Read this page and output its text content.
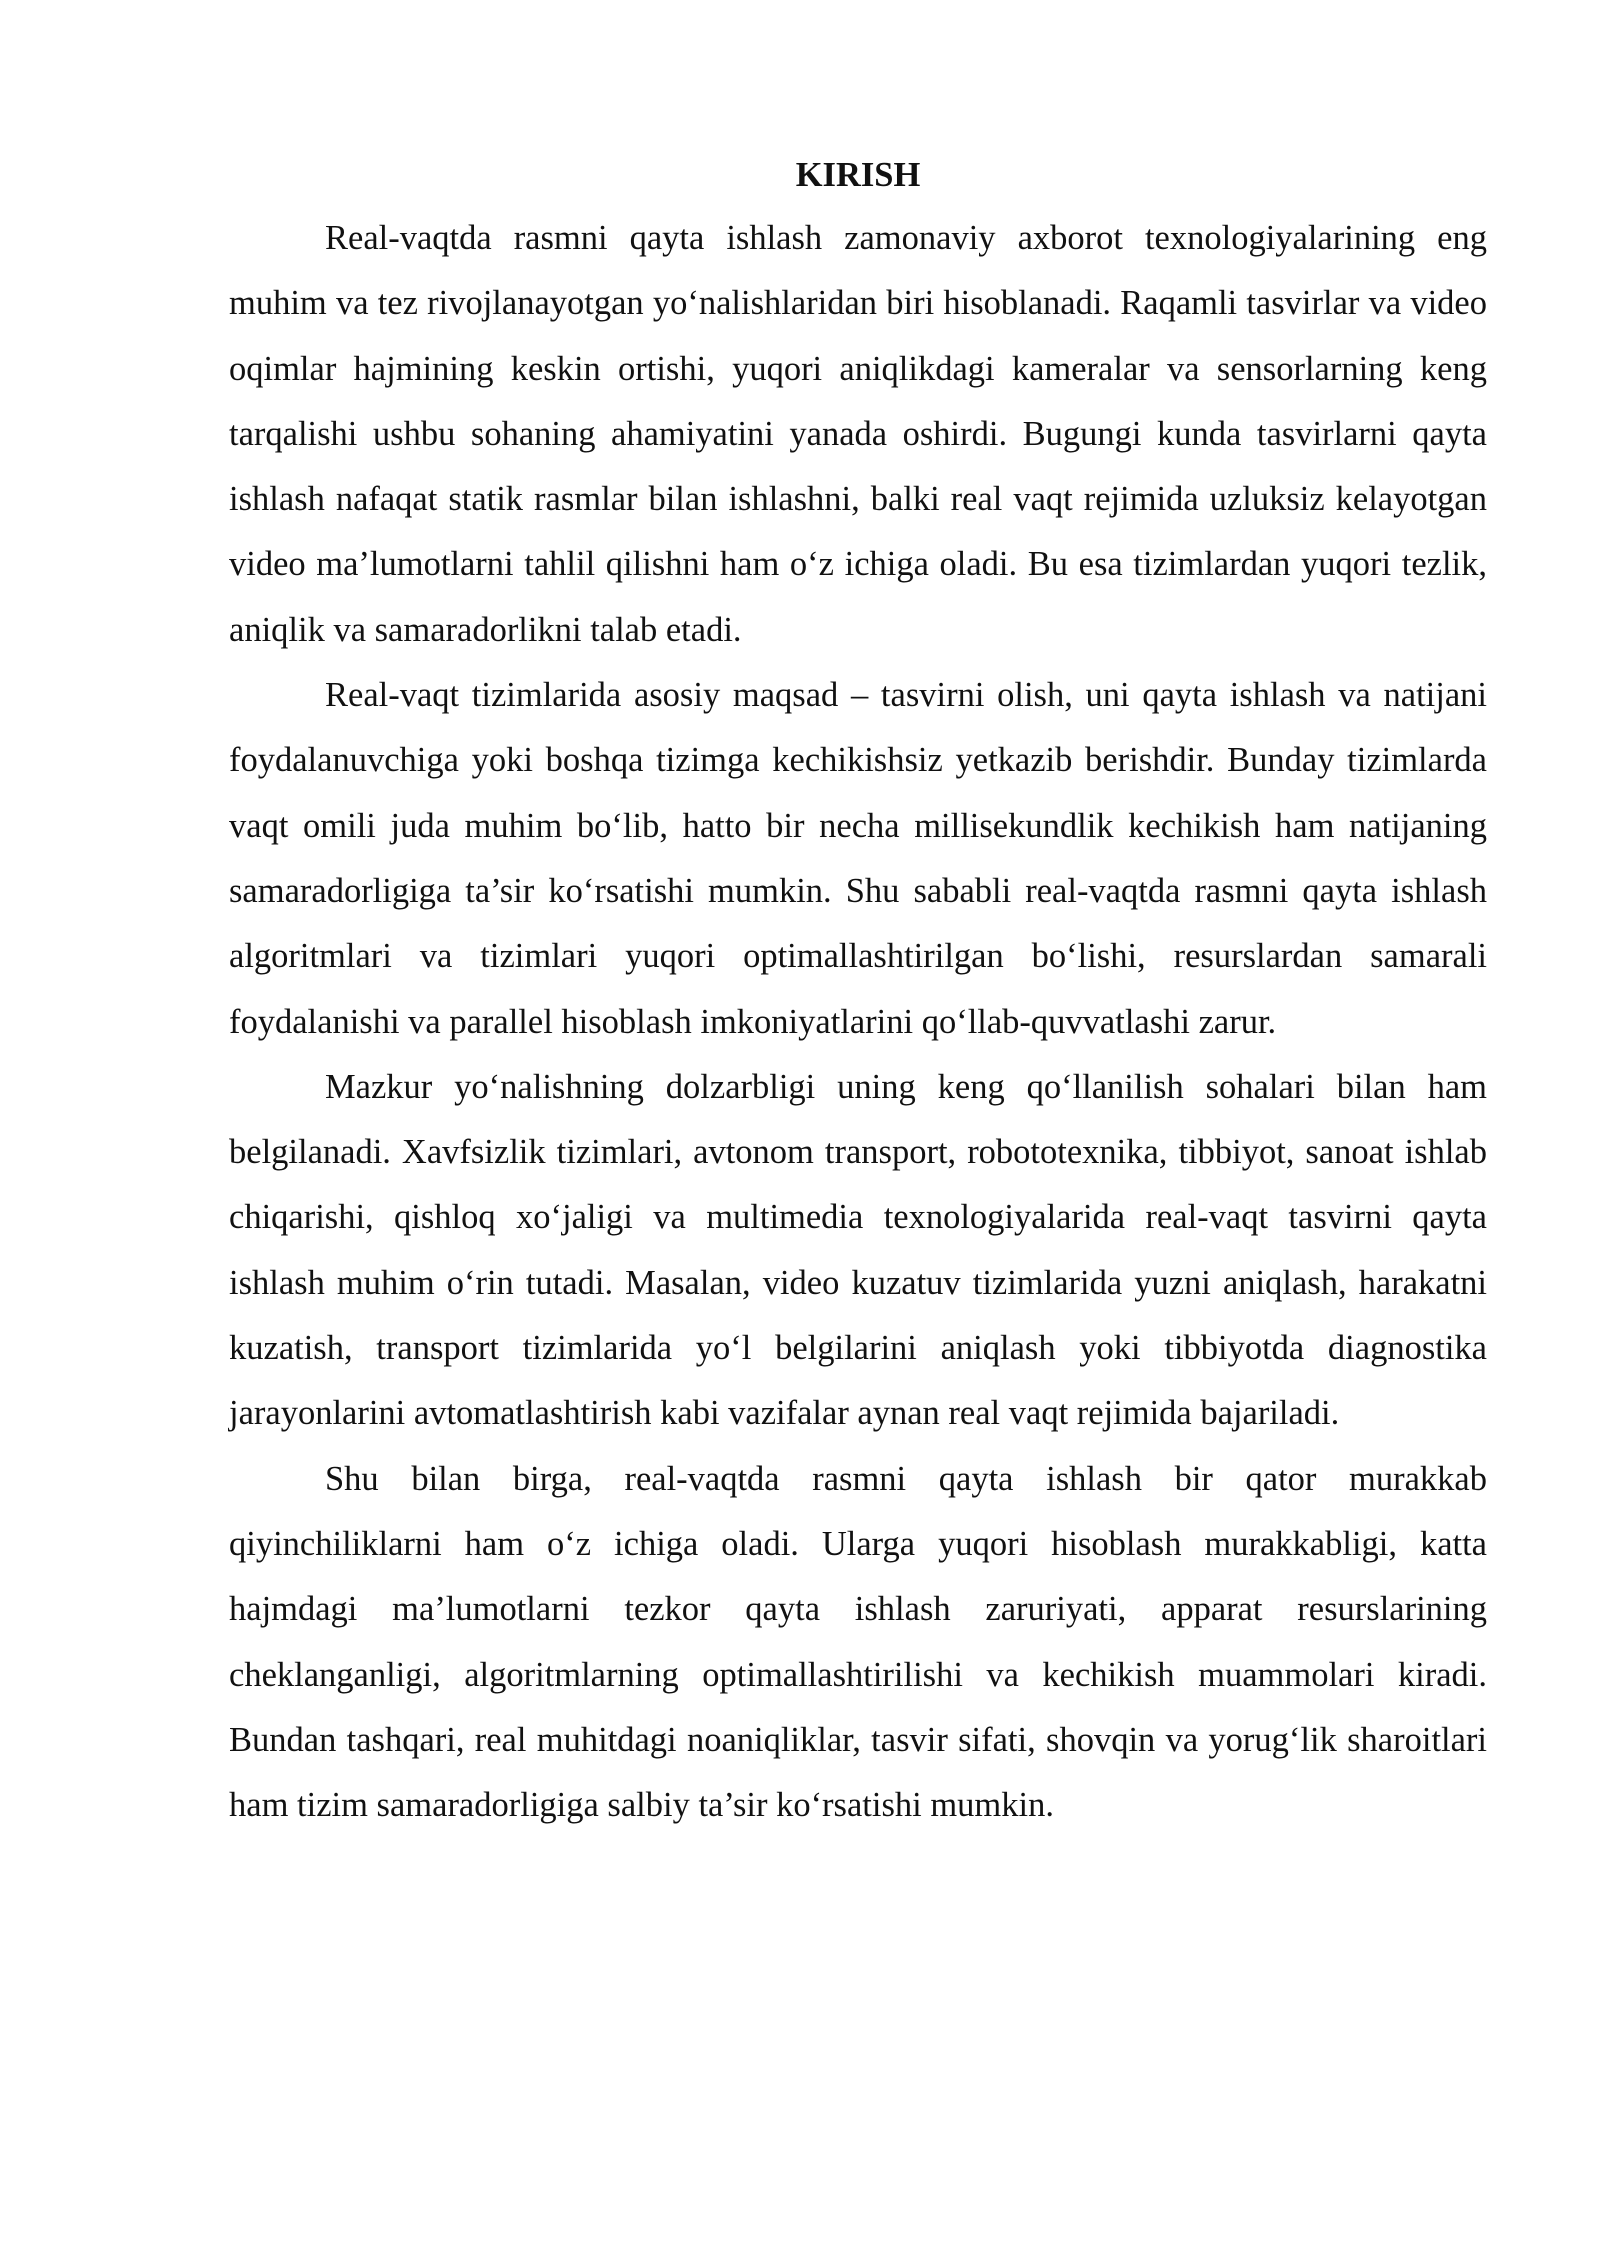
KIRISH

Real-vaqtda rasmni qayta ishlash zamonaviy axborot texnologiyalarining eng muhim va tez rivojlanayotgan yo‘nalishlaridan biri hisoblanadi. Raqamli tasvirlar va video oqimlar hajmining keskin ortishi, yuqori aniqlikdagi kameralar va sensorlarning keng tarqalishi ushbu sohaning ahamiyatini yanada oshirdi. Bugungi kunda tasvirlarni qayta ishlash nafaqat statik rasmlar bilan ishlashni, balki real vaqt rejimida uzluksiz kelayotgan video ma’lumotlarni tahlil qilishni ham o‘z ichiga oladi. Bu esa tizimlardan yuqori tezlik, aniqlik va samaradorlikni talab etadi.

Real-vaqt tizimlarida asosiy maqsad – tasvirni olish, uni qayta ishlash va natijani foydalanuvchiga yoki boshqa tizimga kechikishsiz yetkazib berishdir. Bunday tizimlarda vaqt omili juda muhim bo‘lib, hatto bir necha millisekundlik kechikish ham natijaning samaradorligiga ta’sir ko‘rsatishi mumkin. Shu sababli real-vaqtda rasmni qayta ishlash algoritmlari va tizimlari yuqori optimallashtirilgan bo‘lishi, resurslardan samarali foydalanishi va parallel hisoblash imkoniyatlarini qo‘llab-quvvatlashi zarur.

Mazkur yo‘nalishning dolzarbligi uning keng qo‘llanilish sohalari bilan ham belgilanadi. Xavfsizlik tizimlari, avtonom transport, robototexnika, tibbiyot, sanoat ishlab chiqarishi, qishloq xo‘jaligi va multimedia texnologiyalarida real-vaqt tasvirni qayta ishlash muhim o‘rin tutadi. Masalan, video kuzatuv tizimlarida yuzni aniqlash, harakatni kuzatish, transport tizimlarida yo‘l belgilarini aniqlash yoki tibbiyotda diagnostika jarayonlarini avtomatlashtirish kabi vazifalar aynan real vaqt rejimida bajariladi.

Shu bilan birga, real-vaqtda rasmni qayta ishlash bir qator murakkab qiyinchiliklarni ham o‘z ichiga oladi. Ularga yuqori hisoblash murakkabligi, katta hajmdagi ma’lumotlarni tezkor qayta ishlash zaruriyati, apparat resurslarining cheklanganligi, algoritmlarning optimallashtirilishi va kechikish muammolari kiradi. Bundan tashqari, real muhitdagi noaniqliklar, tasvir sifati, shovqin va yorug‘lik sharoitlari ham tizim samaradorligiga salbiy ta’sir ko‘rsatishi mumkin.
